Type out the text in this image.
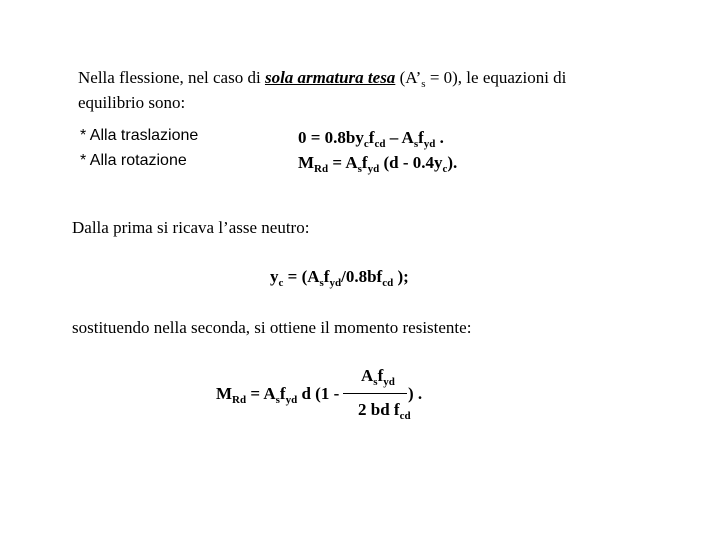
Nella flessione, nel caso di sola armatura tesa $(A’_s = 0)$, le equazioni di
equilibrio sono:
* Alla traslazione
* Alla rotazione
$0 = 0.8by_cf_{cd} - A_sf_{yd}$ .
$M_{Rd} = A_sf_{yd}$ $(d - 0.4y_c)$.
Dalla prima si ricava l’asse neutro:
$y_c = (A_sf_{yd}/0.8bf_{cd}$ );
sostituendo nella seconda, si ottiene il momento resistente:
$M_{Rd} = A_sf_{yd}$ d (1 -
$A_sf_{yd}$
2 bd $f_{cd}$
) .
